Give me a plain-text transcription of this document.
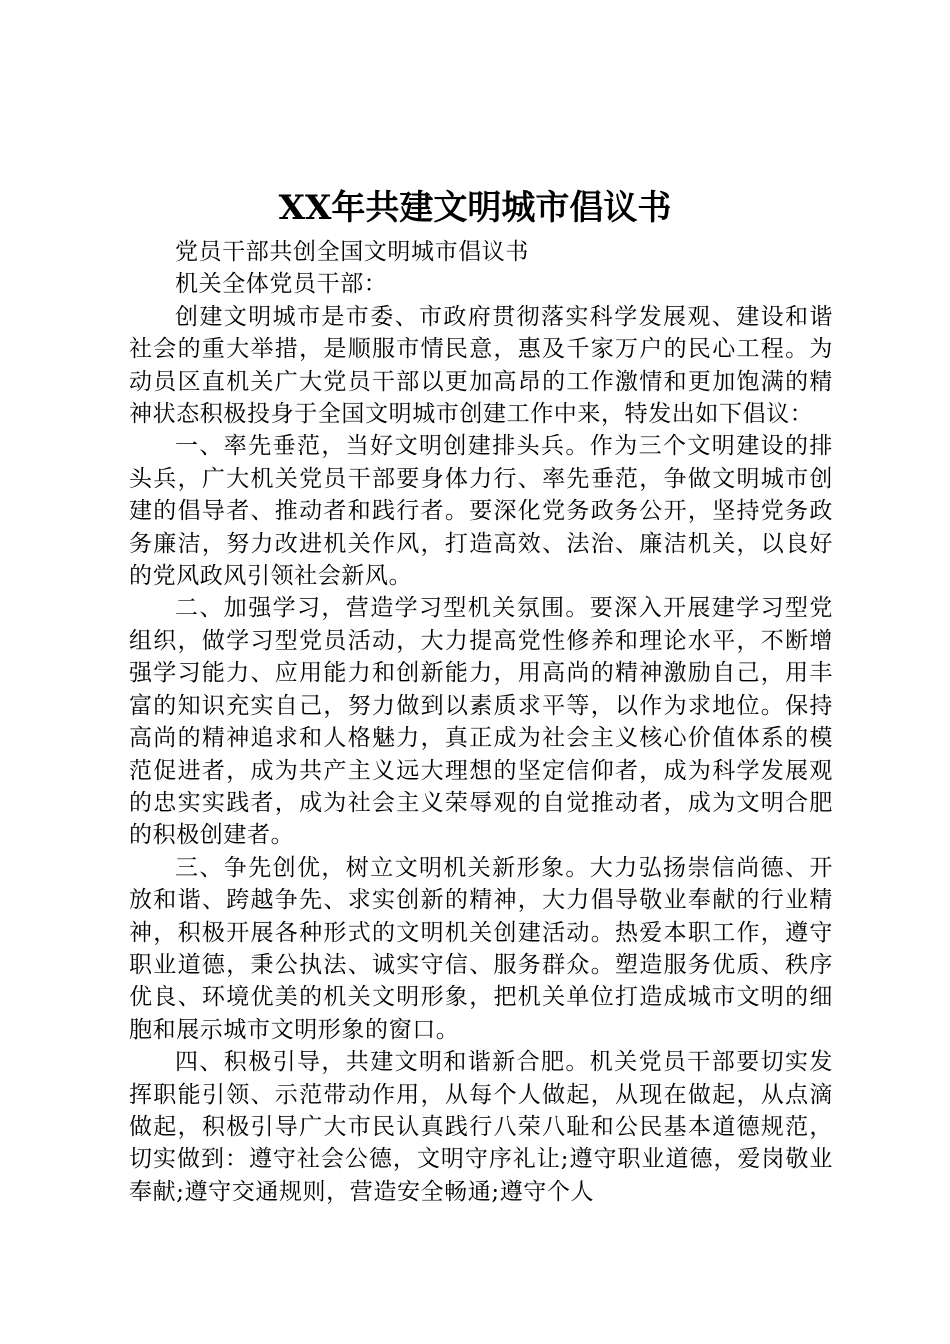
XX年共建文明城市倡议书

党员干部共创全国文明城市倡议书

机关全体党员干部：

创建文明城市是市委、市政府贯彻落实科学发展观、建设和谐社会的重大举措，是顺服市情民意，惠及千家万户的民心工程。为动员区直机关广大党员干部以更加高昂的工作激情和更加饱满的精神状态积极投身于全国文明城市创建工作中来，特发出如下倡议：

一、率先垂范，当好文明创建排头兵。作为三个文明建设的排头兵，广大机关党员干部要身体力行、率先垂范，争做文明城市创建的倡导者、推动者和践行者。要深化党务政务公开，坚持党务政务廉洁，努力改进机关作风，打造高效、法治、廉洁机关，以良好的党风政风引领社会新风。

二、加强学习，营造学习型机关氛围。要深入开展建学习型党组织，做学习型党员活动，大力提高党性修养和理论水平，不断增强学习能力、应用能力和创新能力，用高尚的精神激励自己，用丰富的知识充实自己，努力做到以素质求平等，以作为求地位。保持高尚的精神追求和人格魅力，真正成为社会主义核心价值体系的模范促进者，成为共产主义远大理想的坚定信仰者，成为科学发展观的忠实实践者，成为社会主义荣辱观的自觉推动者，成为文明合肥的积极创建者。

三、争先创优，树立文明机关新形象。大力弘扬崇信尚德、开放和谐、跨越争先、求实创新的精神，大力倡导敬业奉献的行业精神，积极开展各种形式的文明机关创建活动。热爱本职工作，遵守职业道德，秉公执法、诚实守信、服务群众。塑造服务优质、秩序优良、环境优美的机关文明形象，把机关单位打造成城市文明的细胞和展示城市文明形象的窗口。

四、积极引导，共建文明和谐新合肥。机关党员干部要切实发挥职能引领、示范带动作用，从每个人做起，从现在做起，从点滴做起，积极引导广大市民认真践行八荣八耻和公民基本道德规范，切实做到：遵守社会公德，文明守序礼让;遵守职业道德，爱岗敬业奉献;遵守交通规则，营造安全畅通;遵守个人
